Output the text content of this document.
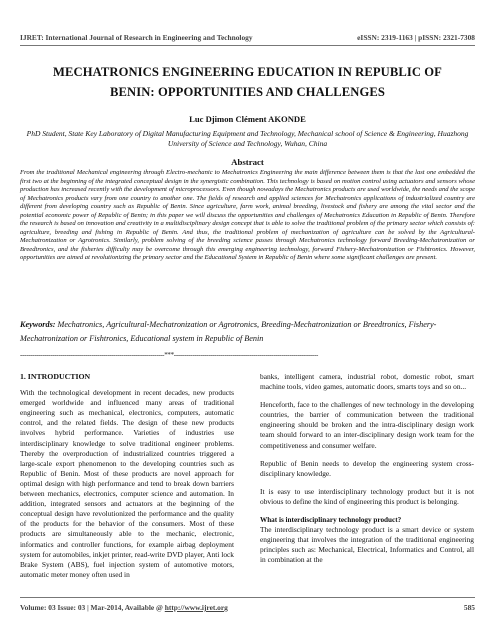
IJRET: International Journal of Research in Engineering and Technology	eISSN: 2319-1163 | pISSN: 2321-7308
MECHATRONICS ENGINEERING EDUCATION IN REPUBLIC OF
BENIN: OPPORTUNITIES AND CHALLENGES
Luc Djimon Clément AKONDE
PhD Student, State Key Laboratory of Digital Manufacturing Equipment and Technology, Mechanical school of Science & Engineering, Huazhong University of Science and Technology, Wuhan, China
Abstract
From the traditional Mechanical engineering through Electro-mechanic to Mechatronics Engineering the main difference between them is that the last one embedded the first two at the beginning of the integrated conceptual design in the synergistic combination. This technology is based on motion control using actuators and sensors whose production has increased recently with the development of microprocessors. Even though nowadays the Mechatronics products are used worldwide, the needs and the scope of Mechatronics products vary from one country to another one. The fields of research and applied sciences for Mechatronics applications of industrialized country are different from developing country such as Republic of Benin. Since agriculture, farm work, animal breeding, livestock and fishery are among the vital sector and the potential economic power of Republic of Benin; in this paper we will discuss the opportunities and challenges of Mechatronics Education in Republic of Benin. Therefore the research is based on innovation and creativity in a multidisciplinary design concept that is able to solve the traditional problem of the primary sector which consists of: agriculture, breeding and fishing in Republic of Benin. And thus, the traditional problem of mechanization of agriculture can be solved by the Agricultural-Mechatronization or Agrotronics. Similarly, problem solving of the breeding science passes through Mechatronics technology forward Breeding-Mechatronization or Breedtronics, and the fisheries difficulty may be overcome through this emerging engineering technology, forward Fishery-Mechatronization or Fishtronics. However, opportunities are aimed at revolutionizing the primary sector and the Educational System in Republic of Benin where some significant challenges are present.
Keywords: Mechatronics, Agricultural-Mechatronization or Agrotronics, Breeding-Mechatronization or Breedtronics, Fishery-Mechatronization or Fishtronics, Educational system in Republic of Benin
-----------------------------------------------------------------------***-----------------------------------------------------------------------
1. INTRODUCTION

With the technological development in recent decades, new products emerged worldwide and influenced many areas of traditional engineering such as mechanical, electronics, computers, automatic control, and the related fields. The design of these new products involves hybrid performance. Varieties of industries use interdisciplinary knowledge to solve traditional engineer problems. Thereby the overproduction of industrialized countries triggered a large-scale export phenomenon to the developing countries such as Republic of Benin. Most of these products are novel approach for optimal design with high performance and tend to break down barriers between mechanics, electronics, computer science and automation. In addition, integrated sensors and actuators at the beginning of the conceptual design have revolutionized the performance and the quality of the products for the behavior of the consumers. Most of these products are simultaneously able to the mechanic, electronic, informatics and controller functions, for example airbag deployment system for automobiles, inkjet printer, read-write DVD player, Anti lock Brake System (ABS), fuel injection system of automotive motors, automatic meter money often used in

banks, intelligent camera, industrial robot, domestic robot, smart machine tools, video games, automatic doors, smarts toys and so on...

Henceforth, face to the challenges of new technology in the developing countries, the barrier of communication between the traditional engineering should be broken and the intra-disciplinary design work team should forward to an inter-disciplinary design work team for the competitiveness and consumer welfare.

Republic of Benin needs to develop the engineering system cross-disciplinary knowledge.

It is easy to use interdisciplinary technology product but it is not obvious to define the kind of engineering this product is belonging.

What is interdisciplinary technology product?

The interdisciplinary technology product is a smart device or system engineering that involves the integration of the traditional engineering principles such as: Mechanical, Electrical, Informatics and Control, all in combination at the

Volume: 03 Issue: 03 | Mar-2014, Available @ http://www.ijret.org	585
